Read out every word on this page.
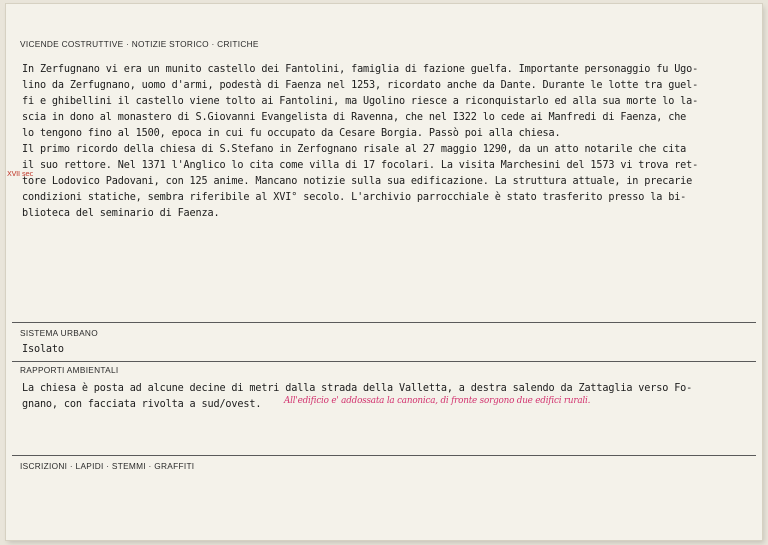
VICENDE COSTRUTTIVE · NOTIZIE STORICO · CRITICHE
XVII sec
In Zerfugnano vi era un munito castello dei Fantolini, famiglia di fazione guelfa. Importante personaggio fu Ugo-
lino da Zerfugnano, uomo d'armi, podestà di Faenza nel 1253, ricordato anche da Dante. Durante le lotte tra guel-
fi e ghibellini il castello viene tolto ai Fantolini, ma Ugolino riesce a riconquistarlo ed alla sua morte lo la-
scia in dono al monastero di S.Giovanni Evangelista di Ravenna, che nel I322 lo cede ai Manfredi di Faenza, che
lo tengono fino al 1500, epoca in cui fu occupato da Cesare Borgia. Passò poi alla chiesa.
Il primo ricordo della chiesa di S.Stefano in Zerfognano risale al 27 maggio 1290, da un atto notarile che cita
il suo rettore. Nel 1371 l'Anglico lo cita come villa di 17 focolari. La visita Marchesini del 1573 vi trova ret-
tore Lodovico Padovani, con 125 anime. Mancano notizie sulla sua edificazione. La struttura attuale, in precarie
condizioni statiche, sembra riferibile al XVI° secolo. L'archivio parrocchiale è stato trasferito presso la bi-
blioteca del seminario di Faenza.
SISTEMA URBANO
Isolato
RAPPORTI AMBIENTALI
La chiesa è posta ad alcune decine di metri dalla strada della Valletta, a destra salendo da Zattaglia verso Fo-
gnano, con facciata rivolta a sud/ovest.	All'edificio e' addossata la canonica, di fronte sorgono due edifici rurali.
ISCRIZIONI · LAPIDI · STEMMI · GRAFFITI
